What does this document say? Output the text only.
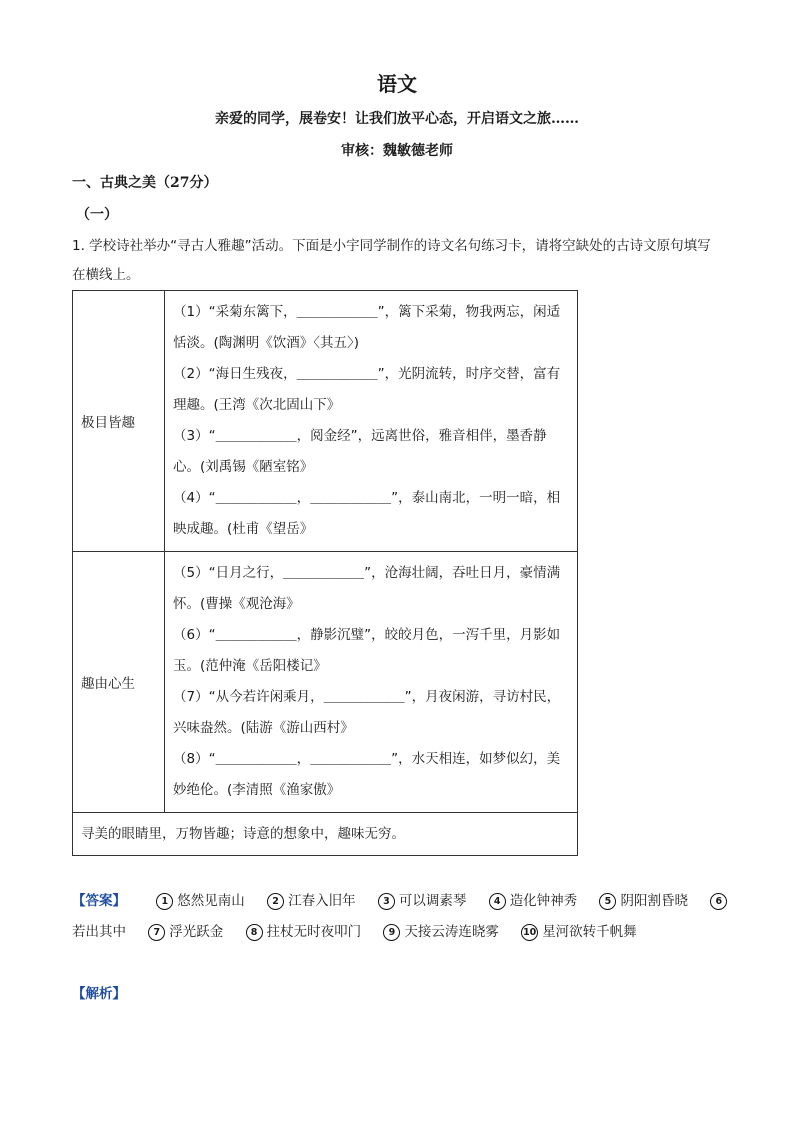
语文
亲爱的同学，展卷安！让我们放平心态，开启语文之旅……
审核：魏敏德老师
一、古典之美（27分）
（一）
1. 学校诗社举办“寻古人雅趣”活动。下面是小宇同学制作的诗文名句练习卡，请将空缺处的古诗文原句填写在横线上。
极目皆趣	（1）“采菊东篱下，＿＿＿＿＿＿”，篱下采菊，物我两忘，闲适恬淡。(陶渊明《饮酒》〈其五〉)
（2）“海日生残夜，＿＿＿＿＿＿”，光阴流转，时序交替，富有理趣。(王湾《次北固山下》
（3）“＿＿＿＿＿＿，阅金经”，远离世俗，雅音相伴，墨香静心。(刘禹锡《陋室铭》
（4）“＿＿＿＿＿＿，＿＿＿＿＿＿”，泰山南北，一明一暗，相映成趣。(杜甫《望岳》

趣由心生	（5）“日月之行，＿＿＿＿＿＿”，沧海壮阔，吞吐日月，豪情满怀。(曹操《观沧海》
（6）“＿＿＿＿＿＿，静影沉璧”，皎皎月色，一泻千里，月影如玉。(范仲淹《岳阳楼记》
（7）“从今若许闲乘月，＿＿＿＿＿＿”，月夜闲游，寻访村民，兴味盎然。(陆游《游山西村》
（8）“＿＿＿＿＿＿，＿＿＿＿＿＿”，水天相连，如梦似幻，美妙绝伦。(李清照《渔家傲》

寻美的眼睛里，万物皆趣；诗意的想象中，趣味无穷。	
【答案】	1 悠然见南山	2 江春入旧年	3 可以调素琴	4 造化钟神秀	5 阴阳割昏晓	6若出其中	7 浮光跃金	8 拄杖无时夜叩门	9 天接云涛连晓雾	10 星河欲转千帆舞
【解析】
